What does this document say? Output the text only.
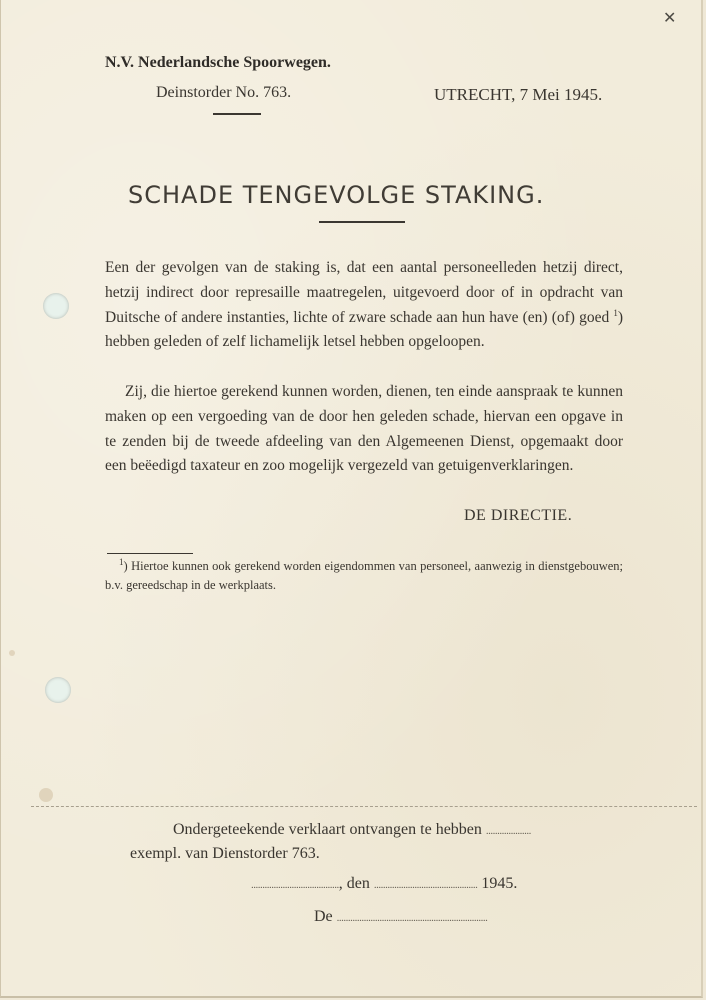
✕
N.V. Nederlandsche Spoorwegen.
Deinstorder No. 763.	UTRECHT, 7 Mei 1945.
SCHADE TENGEVOLGE STAKING.
Een der gevolgen van de staking is, dat een aantal personeelleden hetzij direct, hetzij indirect door represaille maatregelen, uitgevoerd door of in opdracht van Duitsche of andere instanties, lichte of zware schade aan hun have (en) (of) goed $^1$) hebben geleden of zelf lichamelijk letsel hebben opgeloopen.
Zij, die hiertoe gerekend kunnen worden, dienen, ten einde aanspraak te kunnen maken op een vergoeding van de door hen geleden schade, hiervan een opgave in te zenden bij de tweede afdeeling van den Algemeenen Dienst, opgemaakt door een beëedigd taxateur en zoo mogelijk vergezeld van getuigenverklaringen.
DE DIRECTIE.
$^1$) Hiertoe kunnen ook gerekend worden eigendommen van personeel, aanwezig in dienstgebouwen; b.v. gereedschap in de werkplaats.
Ondergeteekende verklaart ontvangen te hebben ....................
exempl. van Dienstorder 763.
......................................., den .............................................. 1945.
De ...................................................................
